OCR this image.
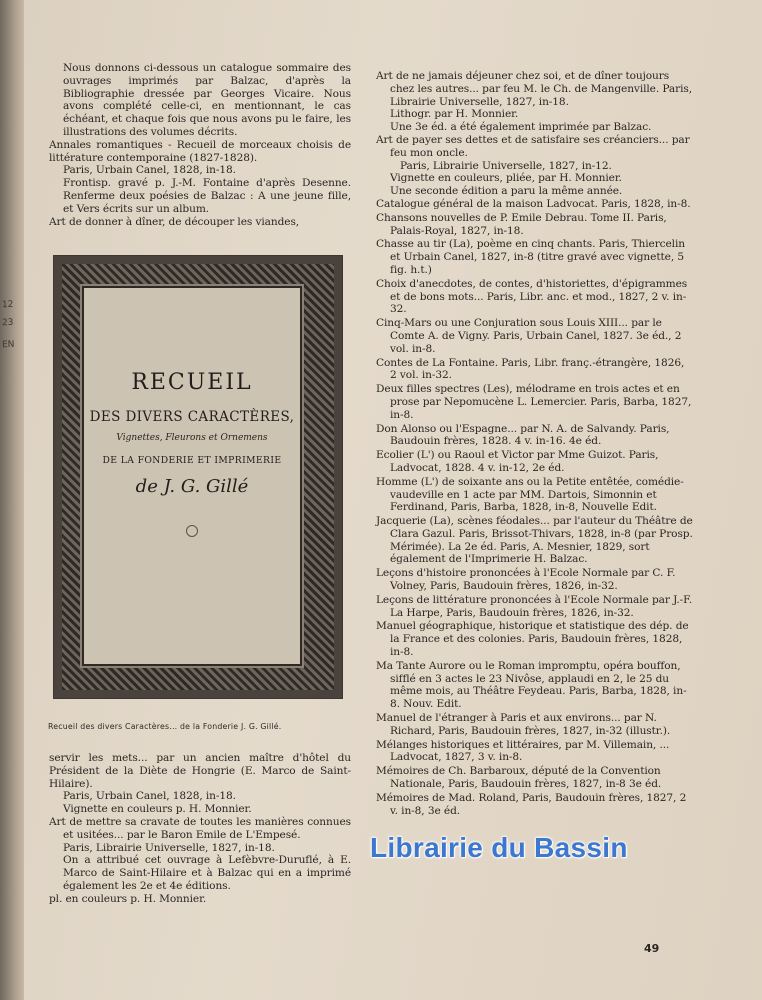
12
23
EN

Nous donnons ci-dessous un catalogue sommaire des ouvrages imprimés par Balzac, d'après la Bibliographie dressée par Georges Vicaire. Nous avons complété celle-ci, en mentionnant, le cas échéant, et chaque fois que nous avons pu le faire, les illustrations des volumes décrits.

Annales romantiques - Recueil de morceaux choisis de littérature contemporaine (1827-1828).

Paris, Urbain Canel, 1828, in-18.

Frontisp. gravé p. J.-M. Fontaine d'après Desenne. Renferme deux poésies de Balzac : A une jeune fille, et Vers écrits sur un album.

Art de donner à dîner, de découper les viandes,

RECUEIL
DES DIVERS CARACTÈRES,
Vignettes, Fleurons et Ornemens
DE LA FONDERIE ET IMPRIMERIE
de J. G. Gillé
Recueil des divers Caractères... de la Fonderie J. G. Gillé.

servir les mets... par un ancien maître d'hôtel du Président de la Diète de Hongrie (E. Marco de Saint-Hilaire).

Paris, Urbain Canel, 1828, in-18.

Vignette en couleurs p. H. Monnier.

Art de mettre sa cravate de toutes les manières connues et usitées... par le Baron Emile de L'Empesé.

Paris, Librairie Universelle, 1827, in-18.

On a attribué cet ouvrage à Lefèbvre-Duruflé, à E. Marco de Saint-Hilaire et à Balzac qui en a imprimé également les 2e et 4e éditions.

pl. en couleurs p. H. Monnier.

Art de ne jamais déjeuner chez soi, et de dîner toujours chez les autres... par feu M. le Ch. de Mangenville. Paris, Librairie Universelle, 1827, in-18.

Lithogr. par H. Monnier.

Une 3e éd. a été également imprimée par Balzac.

Art de payer ses dettes et de satisfaire ses créanciers... par feu mon oncle.

Paris, Librairie Universelle, 1827, in-12.

Vignette en couleurs, pliée, par H. Monnier.

Une seconde édition a paru la même année.

Catalogue général de la maison Ladvocat. Paris, 1828, in-8.

Chansons nouvelles de P. Emile Debrau. Tome II. Paris, Palais-Royal, 1827, in-18.

Chasse au tir (La), poème en cinq chants. Paris, Thiercelin et Urbain Canel, 1827, in-8 (titre gravé avec vignette, 5 fig. h.t.)

Choix d'anecdotes, de contes, d'historiettes, d'épigrammes et de bons mots... Paris, Libr. anc. et mod., 1827, 2 v. in-32.

Cinq-Mars ou une Conjuration sous Louis XIII... par le Comte A. de Vigny. Paris, Urbain Canel, 1827. 3e éd., 2 vol. in-8.

Contes de La Fontaine. Paris, Libr. franç.-étrangère, 1826, 2 vol. in-32.

Deux filles spectres (Les), mélodrame en trois actes et en prose par Nepomucène L. Lemercier. Paris, Barba, 1827, in-8.

Don Alonso ou l'Espagne... par N. A. de Salvandy. Paris, Baudouin frères, 1828. 4 v. in-16. 4e éd.

Ecolier (L') ou Raoul et Victor par Mme Guizot. Paris, Ladvocat, 1828. 4 v. in-12, 2e éd.

Homme (L') de soixante ans ou la Petite entêtée, comédie-vaudeville en 1 acte par MM. Dartois, Simonnin et Ferdinand, Paris, Barba, 1828, in-8, Nouvelle Edit.

Jacquerie (La), scènes féodales... par l'auteur du Théâtre de Clara Gazul. Paris, Brissot-Thivars, 1828, in-8 (par Prosp. Mérimée). La 2e éd. Paris, A. Mesnier, 1829, sort également de l'Imprimerie H. Balzac.

Leçons d'histoire prononcées à l'Ecole Normale par C. F. Volney, Paris, Baudouin frères, 1826, in-32.

Leçons de littérature prononcées à l'Ecole Normale par J.-F. La Harpe, Paris, Baudouin frères, 1826, in-32.

Manuel géographique, historique et statistique des dép. de la France et des colonies. Paris, Baudouin frères, 1828, in-8.

Ma Tante Aurore ou le Roman impromptu, opéra bouffon, sifflé en 3 actes le 23 Nivôse, applaudi en 2, le 25 du même mois, au Théâtre Feydeau. Paris, Barba, 1828, in-8. Nouv. Edit.

Manuel de l'étranger à Paris et aux environs... par N. Richard, Paris, Baudouin frères, 1827, in-32 (illustr.).

Mélanges historiques et littéraires, par M. Villemain, ... Ladvocat, 1827, 3 v. in-8.

Mémoires de Ch. Barbaroux, député de la Convention Nationale, Paris, Baudouin frères, 1827, in-8 3e éd.

Mémoires de Mad. Roland, Paris, Baudouin frères, 1827, 2 v. in-8, 3e éd.

49
Librairie du Bassin
